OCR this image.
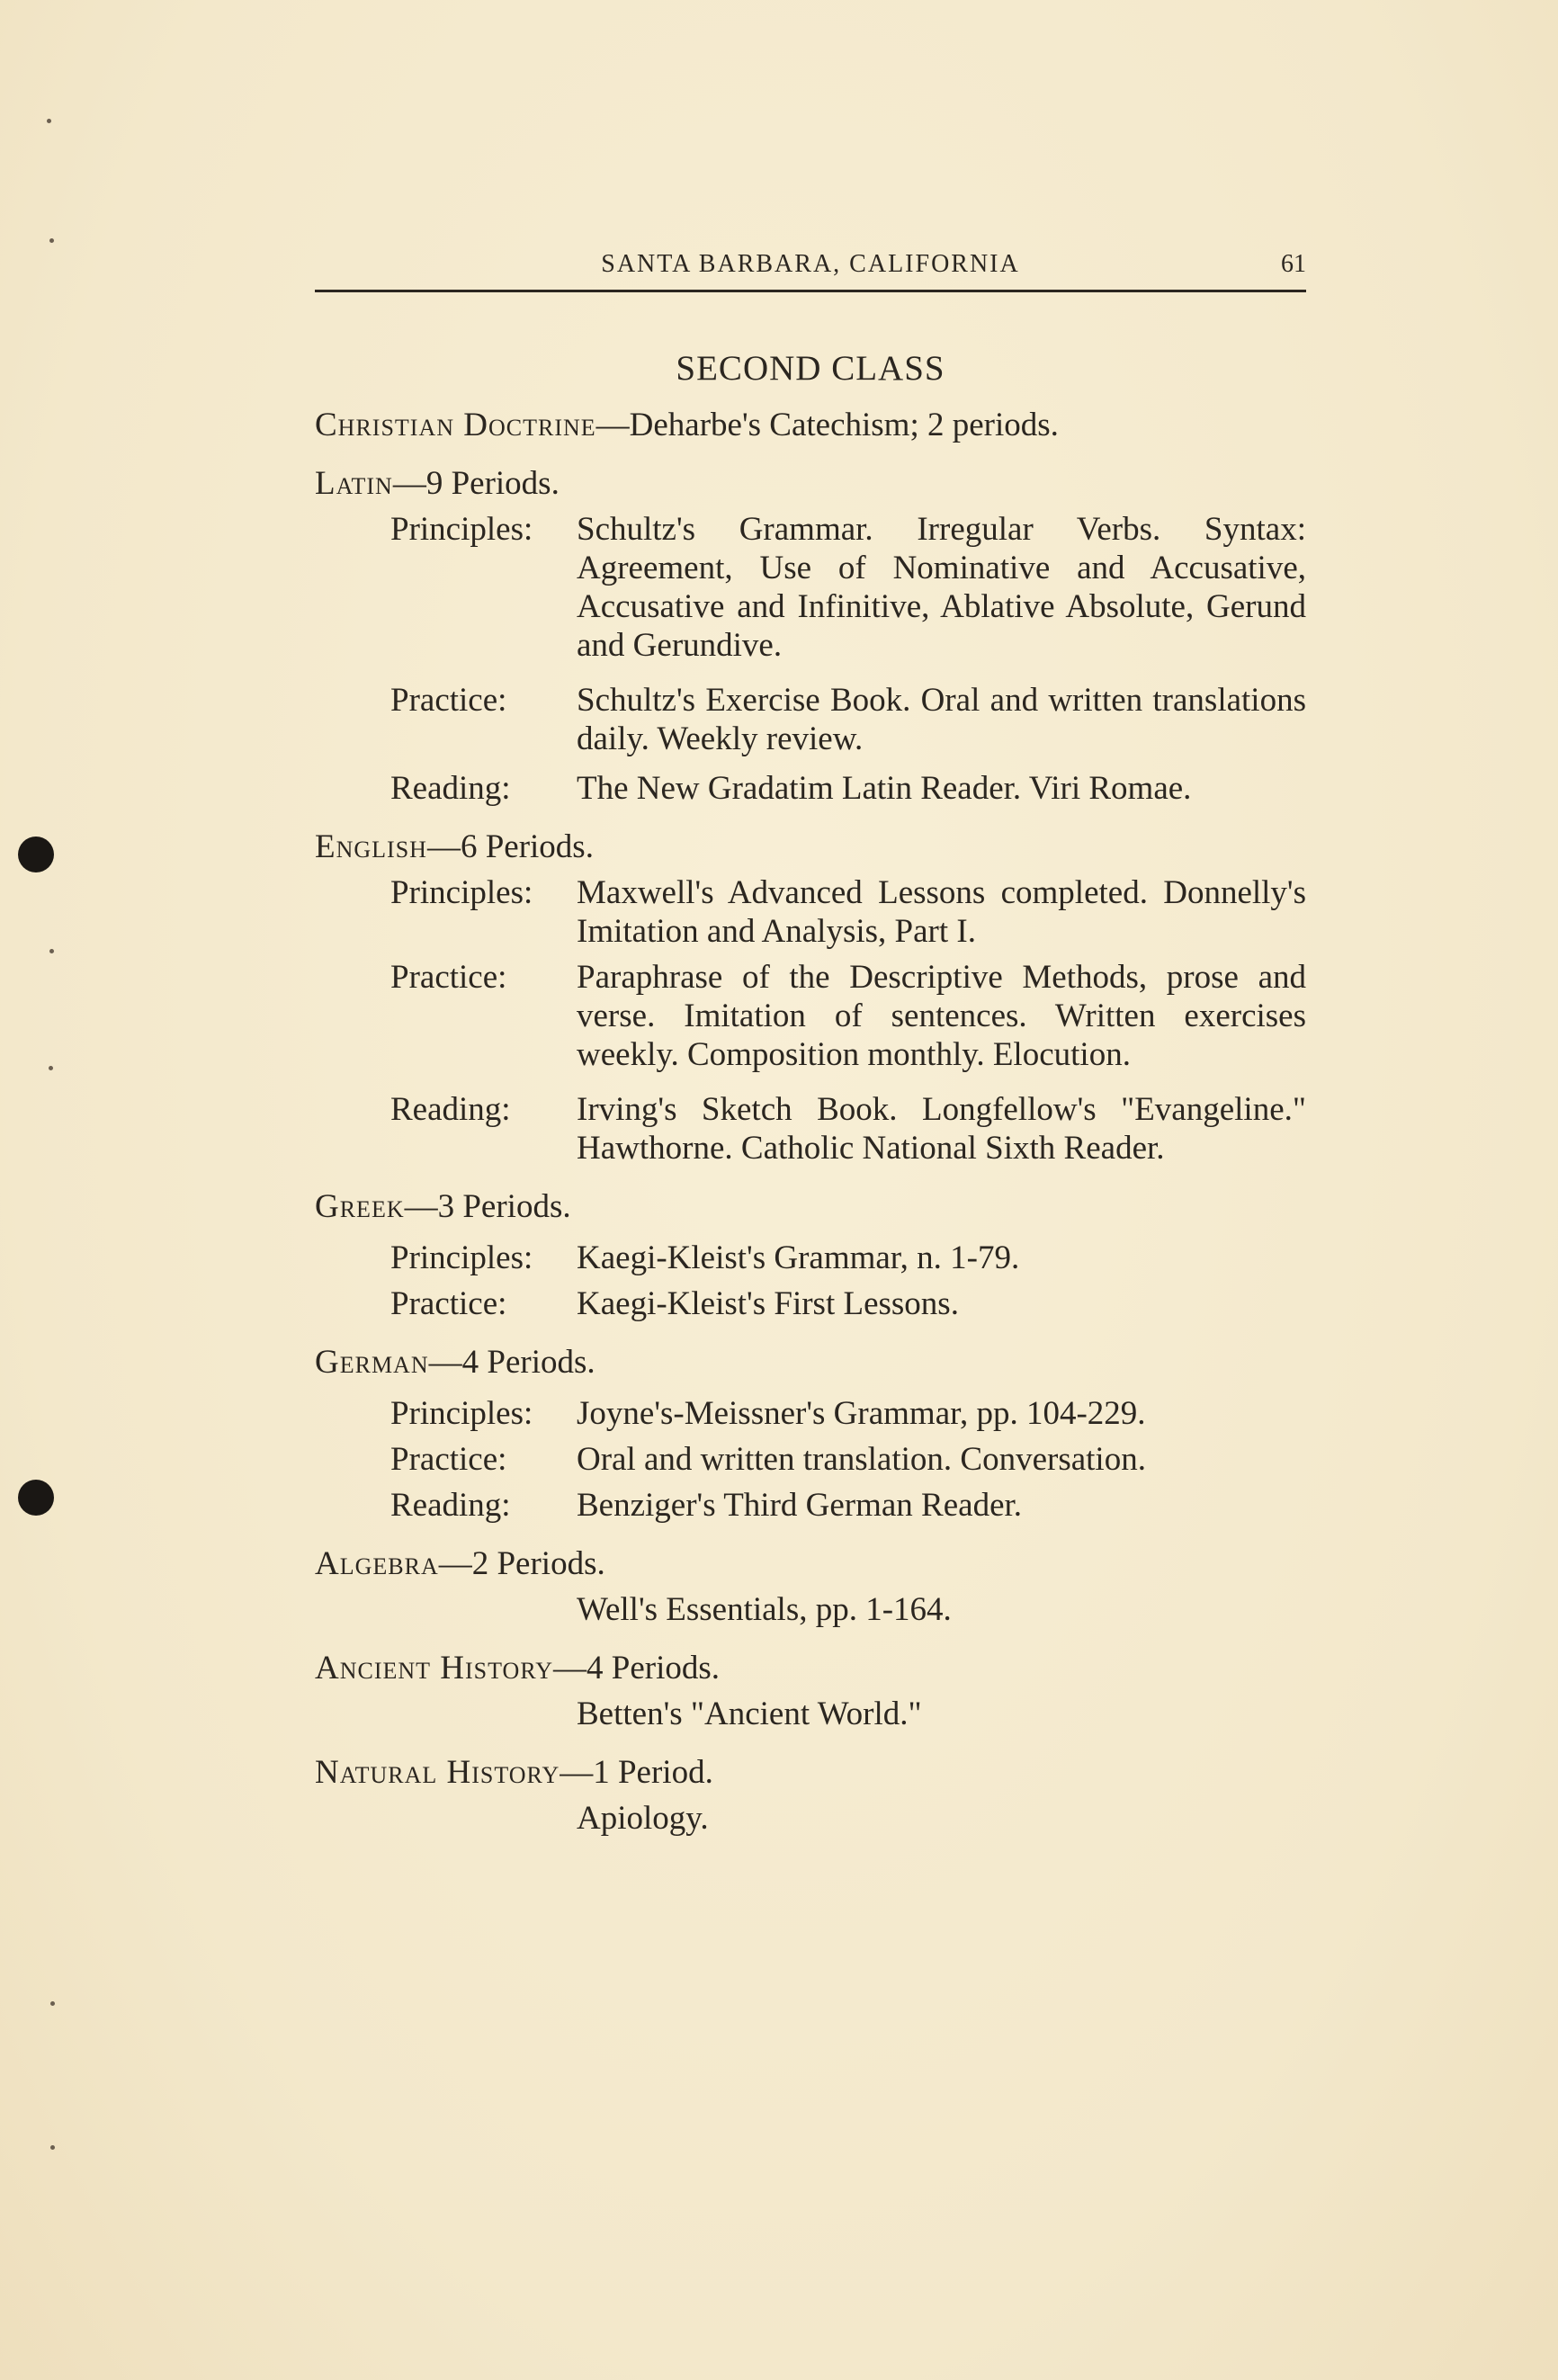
SANTA BARBARA, CALIFORNIA	61
SECOND CLASS

Christian Doctrine—Deharbe's Catechism; 2 periods.

Latin—9 Periods.

Principles:	Schultz's Grammar. Irregular Verbs. Syntax: Agreement, Use of Nominative and Accusative, Accusative and Infinitive, Ablative Absolute, Gerund and Gerundive.
Practice:	Schultz's Exercise Book. Oral and written translations daily. Weekly review.
Reading:	The New Gradatim Latin Reader. Viri Romae.

English—6 Periods.

Principles:	Maxwell's Advanced Lessons completed. Donnelly's Imitation and Analysis, Part I.
Practice:	Paraphrase of the Descriptive Methods, prose and verse. Imitation of sentences. Written exercises weekly. Composition monthly. Elocution.
Reading:	Irving's Sketch Book. Longfellow's "Evangeline." Hawthorne. Catholic National Sixth Reader.

Greek—3 Periods.

Principles:	Kaegi-Kleist's Grammar, n. 1-79.
Practice:	Kaegi-Kleist's First Lessons.

German—4 Periods.

Principles:	Joyne's-Meissner's Grammar, pp. 104-229.
Practice:	Oral and written translation. Conversation.
Reading:	Benziger's Third German Reader.

Algebra—2 Periods.

Well's Essentials, pp. 1-164.

Ancient History—4 Periods.

Betten's "Ancient World."

Natural History—1 Period.

Apiology.
